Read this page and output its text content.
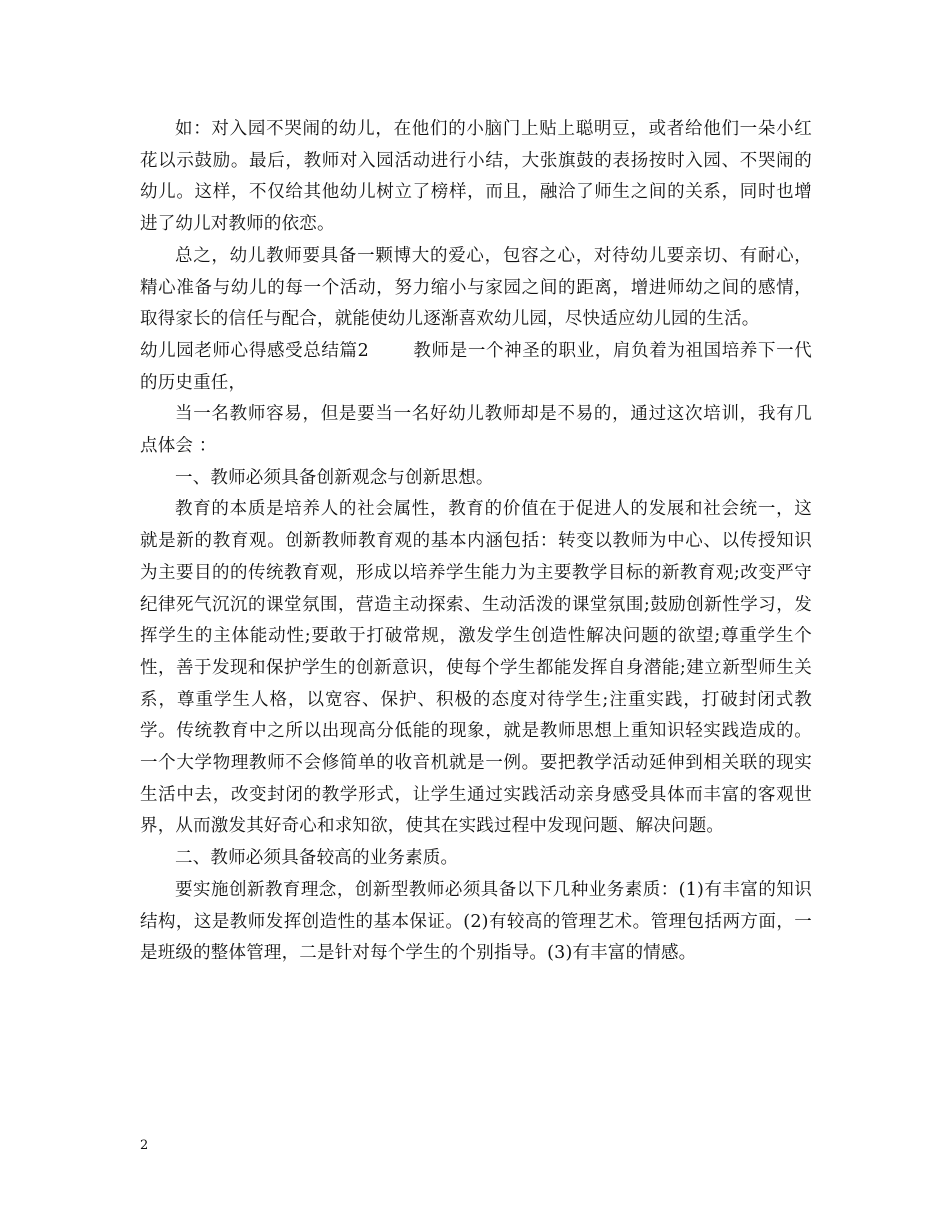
如：对入园不哭闹的幼儿，在他们的小脑门上贴上聪明豆，或者给他们一朵小红花以示鼓励。最后，教师对入园活动进行小结，大张旗鼓的表扬按时入园、不哭闹的幼儿。这样，不仅给其他幼儿树立了榜样，而且，融洽了师生之间的关系，同时也增进了幼儿对教师的依恋。

总之，幼儿教师要具备一颗博大的爱心，包容之心，对待幼儿要亲切、有耐心，精心准备与幼儿的每一个活动，努力缩小与家园之间的距离，增进师幼之间的感情，取得家长的信任与配合，就能使幼儿逐渐喜欢幼儿园，尽快适应幼儿园的生活。

幼儿园老师心得感受总结篇2	教师是一个神圣的职业，肩负着为祖国培养下一代的历史重任，

当一名教师容易，但是要当一名好幼儿教师却是不易的，通过这次培训，我有几点体会 ：

一、教师必须具备创新观念与创新思想。

教育的本质是培养人的社会属性，教育的价值在于促进人的发展和社会统一，这就是新的教育观。创新教师教育观的基本内涵包括：转变以教师为中心、以传授知识为主要目的的传统教育观，形成以培养学生能力为主要教学目标的新教育观;改变严守纪律死气沉沉的课堂氛围，营造主动探索、生动活泼的课堂氛围;鼓励创新性学习，发挥学生的主体能动性;要敢于打破常规，激发学生创造性解决问题的欲望;尊重学生个性，善于发现和保护学生的创新意识，使每个学生都能发挥自身潜能;建立新型师生关系，尊重学生人格，以宽容、保护、积极的态度对待学生;注重实践，打破封闭式教学。传统教育中之所以出现高分低能的现象，就是教师思想上重知识轻实践造成的。一个大学物理教师不会修简单的收音机就是一例。要把教学活动延伸到相关联的现实生活中去，改变封闭的教学形式，让学生通过实践活动亲身感受具体而丰富的客观世界，从而激发其好奇心和求知欲，使其在实践过程中发现问题、解决问题。

二、教师必须具备较高的业务素质。

要实施创新教育理念，创新型教师必须具备以下几种业务素质：(1)有丰富的知识结构，这是教师发挥创造性的基本保证。(2)有较高的管理艺术。管理包括两方面，一是班级的整体管理，二是针对每个学生的个别指导。(3)有丰富的情感。

2
